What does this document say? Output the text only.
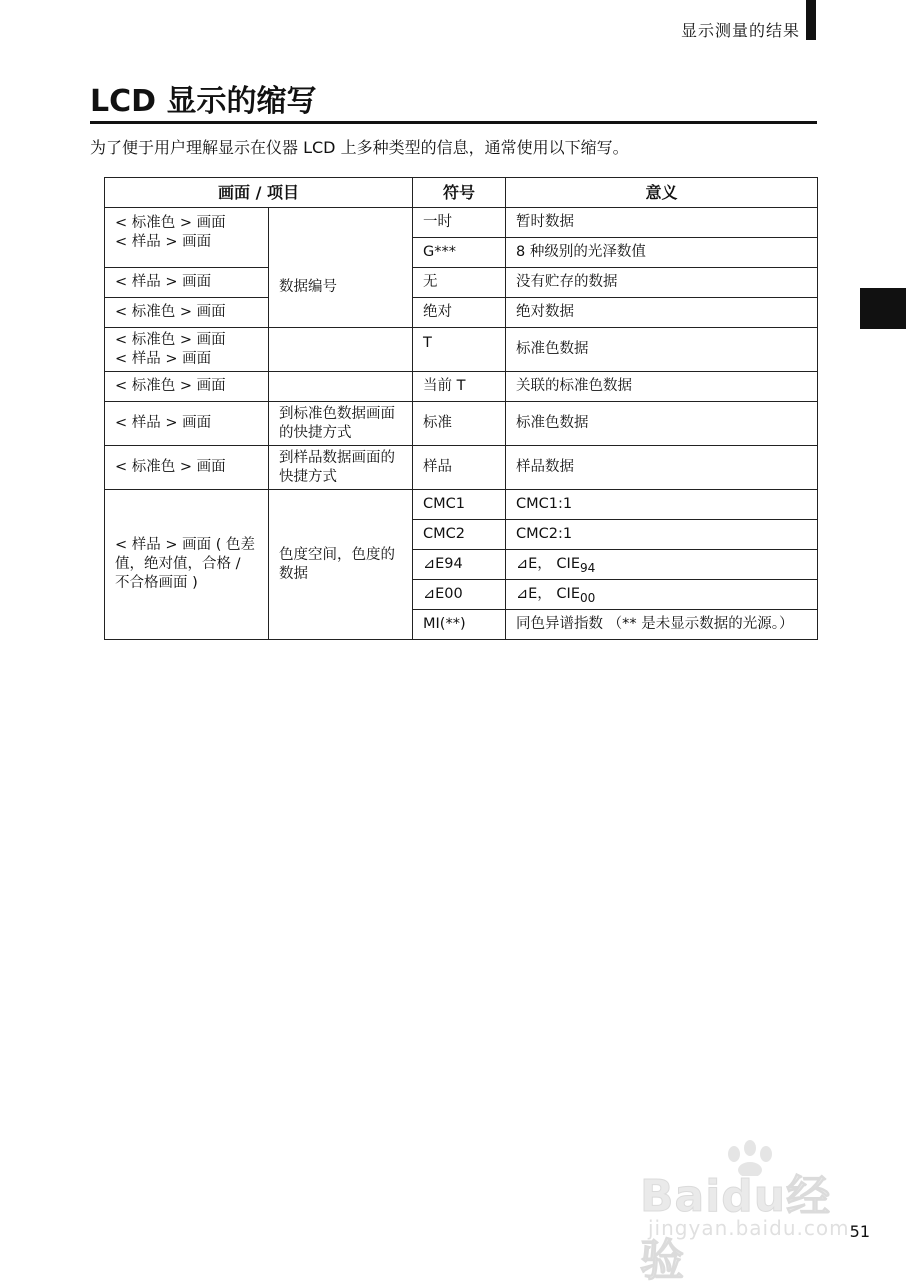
显示测量的结果
LCD 显示的缩写
为了便于用户理解显示在仪器 LCD 上多种类型的信息，通常使用以下缩写。
画面 / 项目		符号	意义

< 标准色 > 画面
< 样品 > 画面	数据编号	一时	暂时数据
		G***	8 种级别的光泽数值
< 样品 > 画面		无	没有贮存的数据
< 标准色 > 画面		绝对	绝对数据

< 标准色 > 画面
< 样品 > 画面		T	标准色数据
< 标准色 > 画面		当前 T	关联的标准色数据
< 样品 > 画面	到标准色数据画面的快捷方式	标准	标准色数据
< 标准色 > 画面	到样品数据画面的快捷方式	样品	样品数据
< 样品 > 画面 ( 色差值，绝对值，合格 / 不合格画面 )	色度空间，色度的数据	CMC1	CMC1:1
		CMC2	CMC2:1
		⊿E94	⊿E， $CIE_{94}$
		⊿E00	⊿E， $CIE_{00}$
		MI(**)	同色异谱指数 （** 是未显示数据的光源。）
Baidu经验
jingyan.baidu.com 51
